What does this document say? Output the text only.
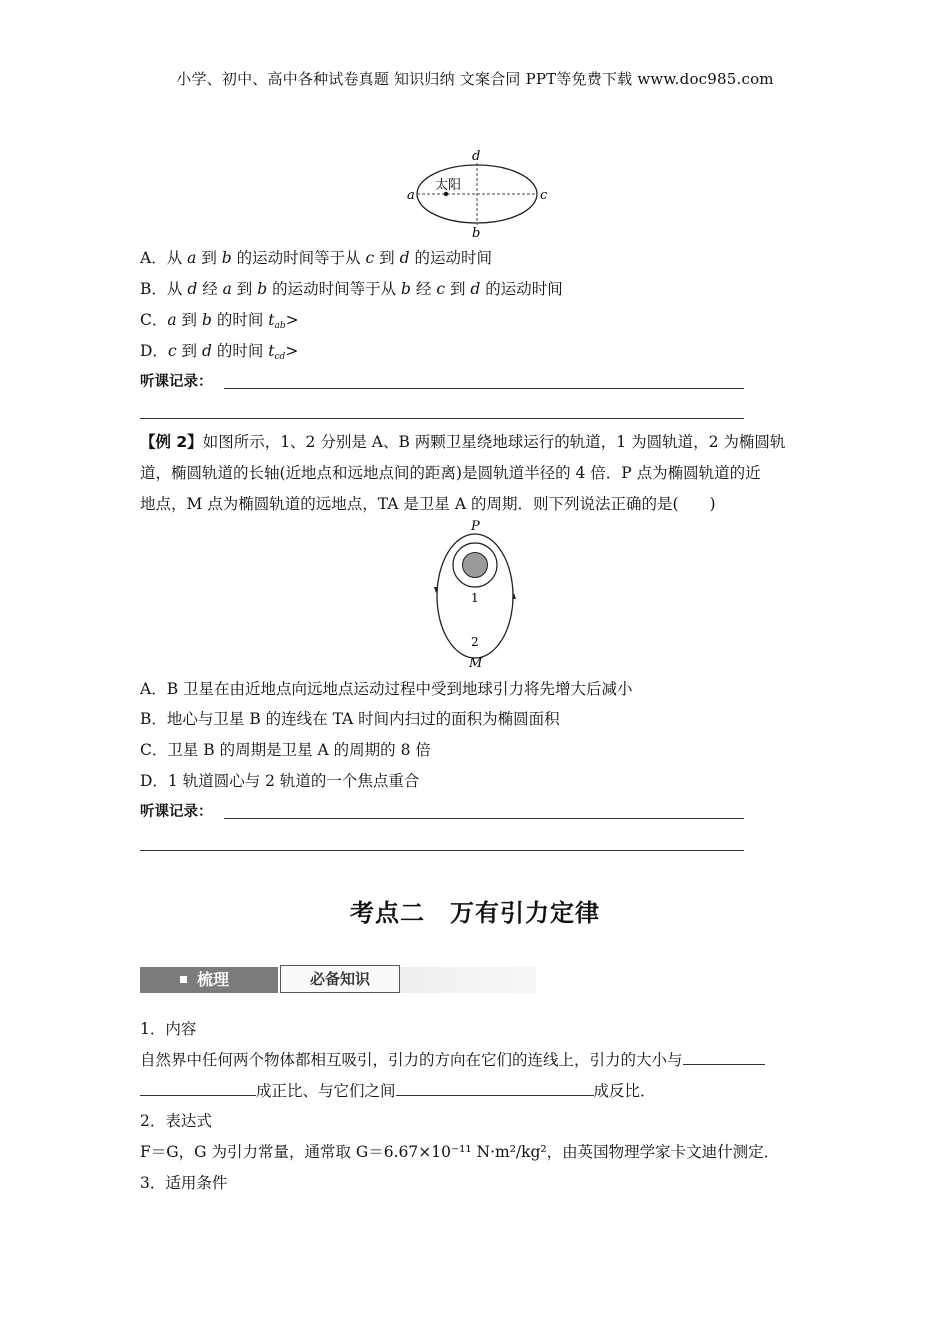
小学、初中、高中各种试卷真题 知识归纳 文案合同 PPT等免费下载 www.doc985.com
太阳
a
b
c
d
A．从 a 到 b 的运动时间等于从 c 到 d 的运动时间
B．从 d 经 a 到 b 的运动时间等于从 b 经 c 到 d 的运动时间
C．a 到 b 的时间 $t_{ab}>$
D．c 到 d 的时间 $t_{cd}>$
听课记录：
【例 2】如图所示，1、2 分别是 A、B 两颗卫星绕地球运行的轨道，1 为圆轨道，2 为椭圆轨
道，椭圆轨道的长轴(近地点和远地点间的距离)是圆轨道半径的 4 倍．P 点为椭圆轨道的近
地点，M 点为椭圆轨道的远地点，TA 是卫星 A 的周期．则下列说法正确的是(　　)
P
1
2
M
A．B 卫星在由近地点向远地点运动过程中受到地球引力将先增大后减小
B．地心与卫星 B 的连线在 TA 时间内扫过的面积为椭圆面积
C．卫星 B 的周期是卫星 A 的周期的 8 倍
D．1 轨道圆心与 2 轨道的一个焦点重合
听课记录：
考点二　万有引力定律
梳理	必备知识
1．内容
自然界中任何两个物体都相互吸引，引力的方向在它们的连线上，引力的大小与
成正比、与它们之间	成反比．
2．表达式
F＝G，G 为引力常量，通常取 G＝6.67×10⁻¹¹ N·m²/kg²，由英国物理学家卡文迪什测定．
3．适用条件
